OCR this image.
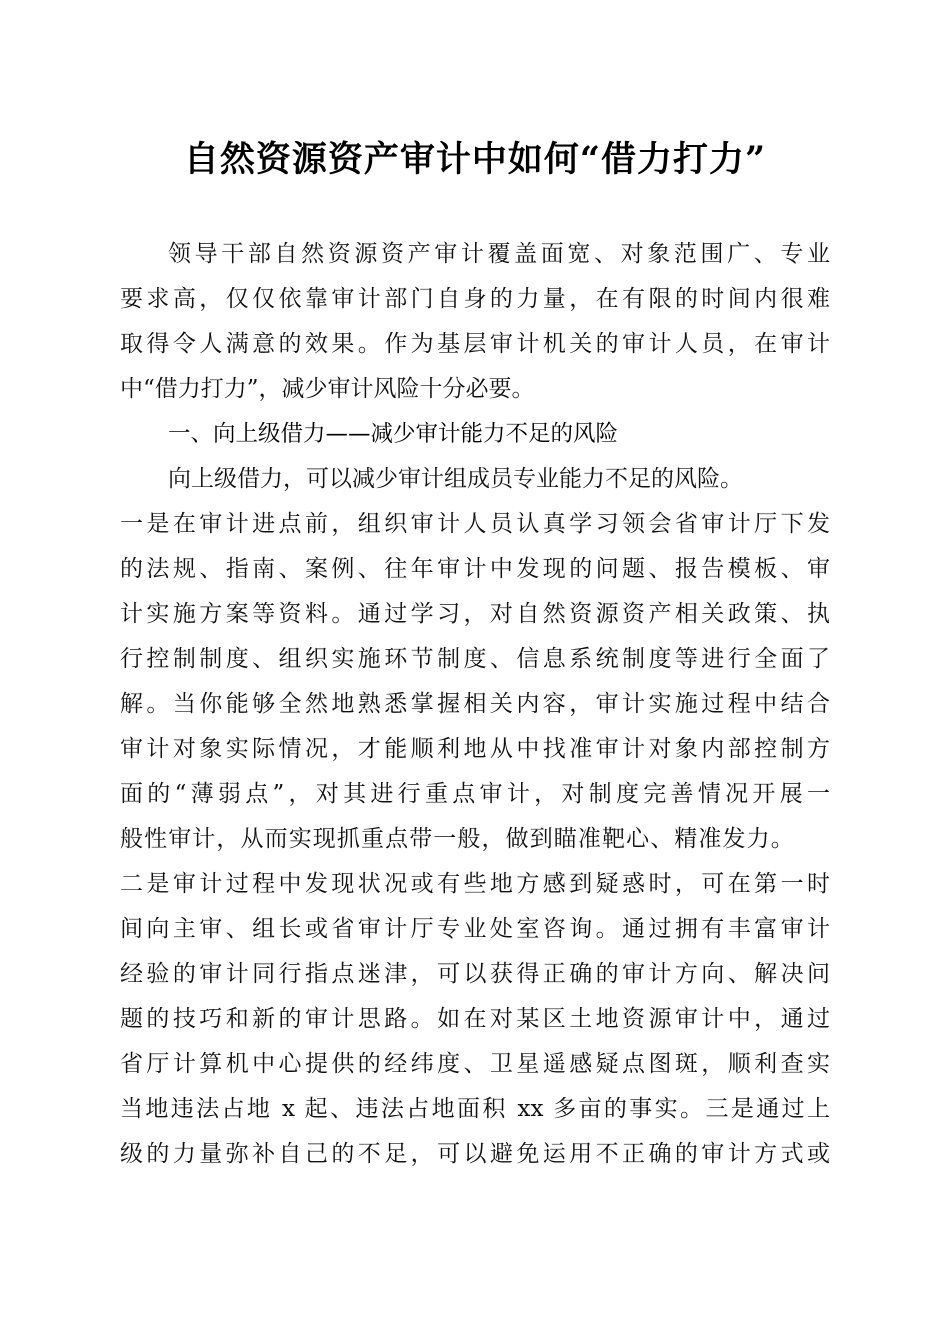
自然资源资产审计中如何“借力打力”
领导干部自然资源资产审计覆盖面宽、对象范围广、专业
要求高，仅仅依靠审计部门自身的力量，在有限的时间内很难
取得令人满意的效果。作为基层审计机关的审计人员，在审计
中“借力打力”，减少审计风险十分必要。
一、向上级借力——减少审计能力不足的风险
向上级借力，可以减少审计组成员专业能力不足的风险。
一是在审计进点前，组织审计人员认真学习领会省审计厅下发
的法规、指南、案例、往年审计中发现的问题、报告模板、审
计实施方案等资料。通过学习，对自然资源资产相关政策、执
行控制制度、组织实施环节制度、信息系统制度等进行全面了
解。当你能够全然地熟悉掌握相关内容，审计实施过程中结合
审计对象实际情况，才能顺利地从中找准审计对象内部控制方
面的“薄弱点”，对其进行重点审计，对制度完善情况开展一
般性审计，从而实现抓重点带一般，做到瞄准靶心、精准发力。
二是审计过程中发现状况或有些地方感到疑惑时，可在第一时
间向主审、组长或省审计厅专业处室咨询。通过拥有丰富审计
经验的审计同行指点迷津，可以获得正确的审计方向、解决问
题的技巧和新的审计思路。如在对某区土地资源审计中，通过
省厅计算机中心提供的经纬度、卫星遥感疑点图斑，顺利查实
当地违法占地 x 起、违法占地面积 xx 多亩的事实。三是通过上
级的力量弥补自己的不足，可以避免运用不正确的审计方式或
